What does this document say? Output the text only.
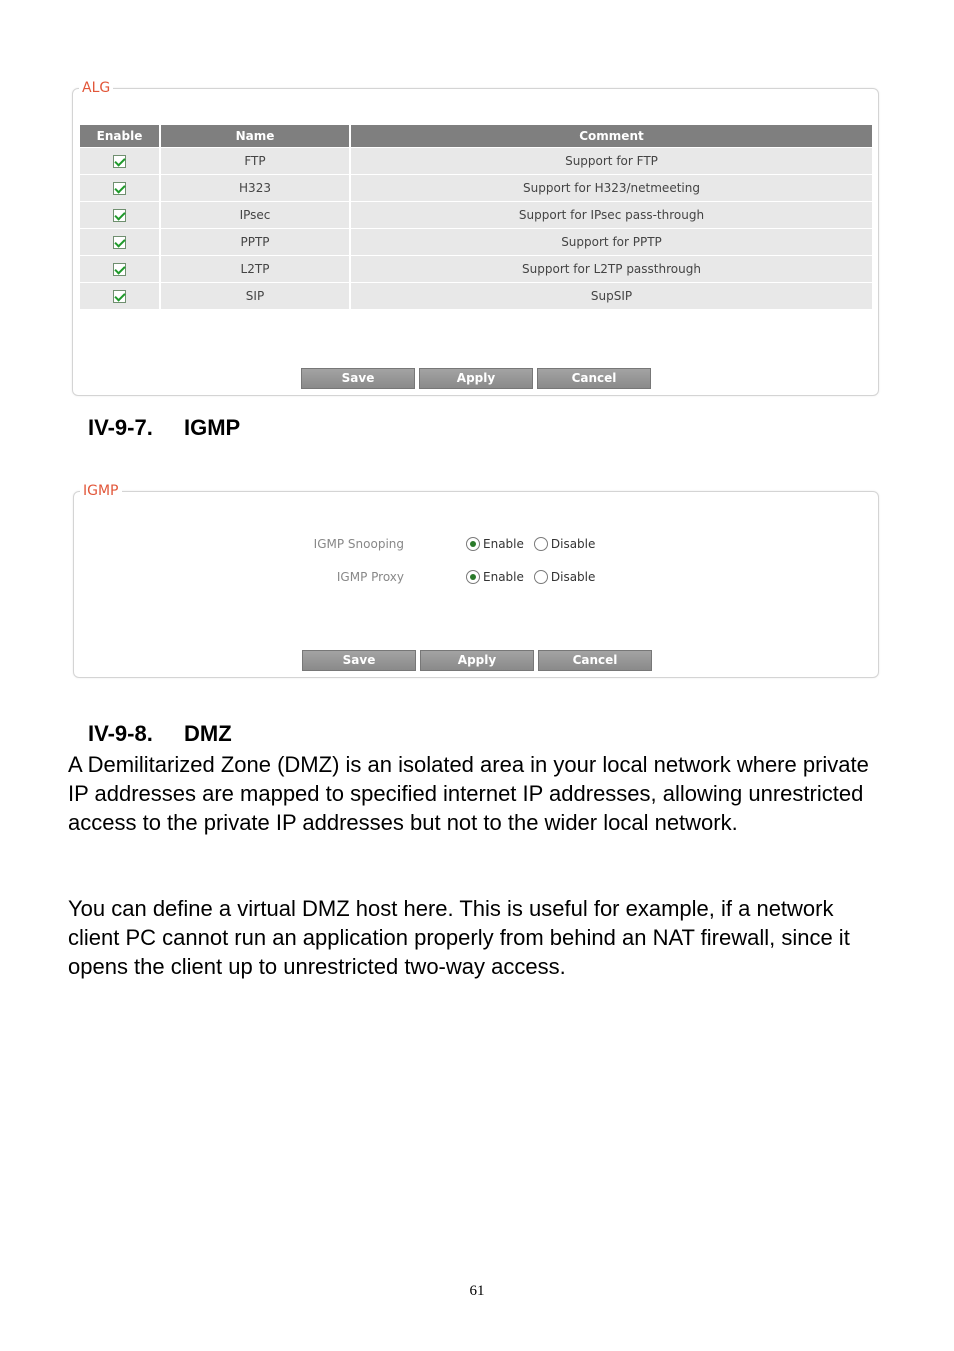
ALG
Enable	Name	Comment
	FTP	Support for FTP
	H323	Support for H323/netmeeting
	IPsec	Support for IPsec pass-through
	PPTP	Support for PPTP
	L2TP	Support for L2TP passthrough
	SIP	SupSIP
Save	Apply	Cancel
IV-9-7. IGMP
IGMP
IGMP Snooping	Enable Disable
IGMP Proxy	Enable Disable
Save	Apply	Cancel
IV-9-8. DMZ

A Demilitarized Zone (DMZ) is an isolated area in your local network where private IP addresses are mapped to specified internet IP addresses, allowing unrestricted access to the private IP addresses but not to the wider local network.

You can define a virtual DMZ host here. This is useful for example, if a network client PC cannot run an application properly from behind an NAT firewall, since it opens the client up to unrestricted two-way access.

61
